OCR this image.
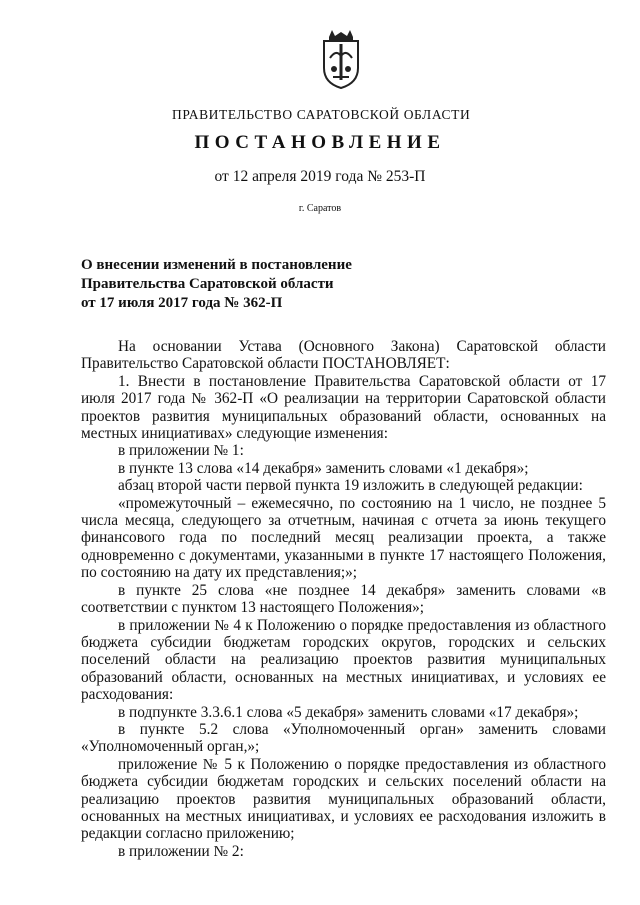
ПРАВИТЕЛЬСТВО САРАТОВСКОЙ ОБЛАСТИ
ПОСТАНОВЛЕНИЕ
от 12 апреля 2019 года № 253-П
г. Саратов
О внесении изменений в постановление
Правительства Саратовской области
от 17 июля 2017 года № 362-П

На основании Устава (Основного Закона) Саратовской области Правительство Саратовской области ПОСТАНОВЛЯЕТ:

1. Внести в постановление Правительства Саратовской области от 17 июля 2017 года № 362-П «О реализации на территории Саратовской области проектов развития муниципальных образований области, основанных на местных инициативах» следующие изменения:

в приложении № 1:

в пункте 13 слова «14 декабря» заменить словами «1 декабря»;

абзац второй части первой пункта 19 изложить в следующей редакции:

«промежуточный – ежемесячно, по состоянию на 1 число, не позднее 5 числа месяца, следующего за отчетным, начиная с отчета за июнь текущего финансового года по последний месяц реализации проекта, а также одновременно с документами, указанными в пункте 17 настоящего Положения, по состоянию на дату их представления;»;

в пункте 25 слова «не позднее 14 декабря» заменить словами «в соответствии с пунктом 13 настоящего Положения»;

в приложении № 4 к Положению о порядке предоставления из областного бюджета субсидии бюджетам городских округов, городских и сельских поселений области на реализацию проектов развития муниципальных образований области, основанных на местных инициативах, и условиях ее расходования:

в подпункте 3.3.6.1 слова «5 декабря» заменить словами «17 декабря»;

в пункте 5.2 слова «Уполномоченный орган» заменить словами «Уполномоченный орган,»;

приложение № 5 к Положению о порядке предоставления из областного бюджета субсидии бюджетам городских и сельских поселений области на реализацию проектов развития муниципальных образований области, основанных на местных инициативах, и условиях ее расходования изложить в редакции согласно приложению;

в приложении № 2:
